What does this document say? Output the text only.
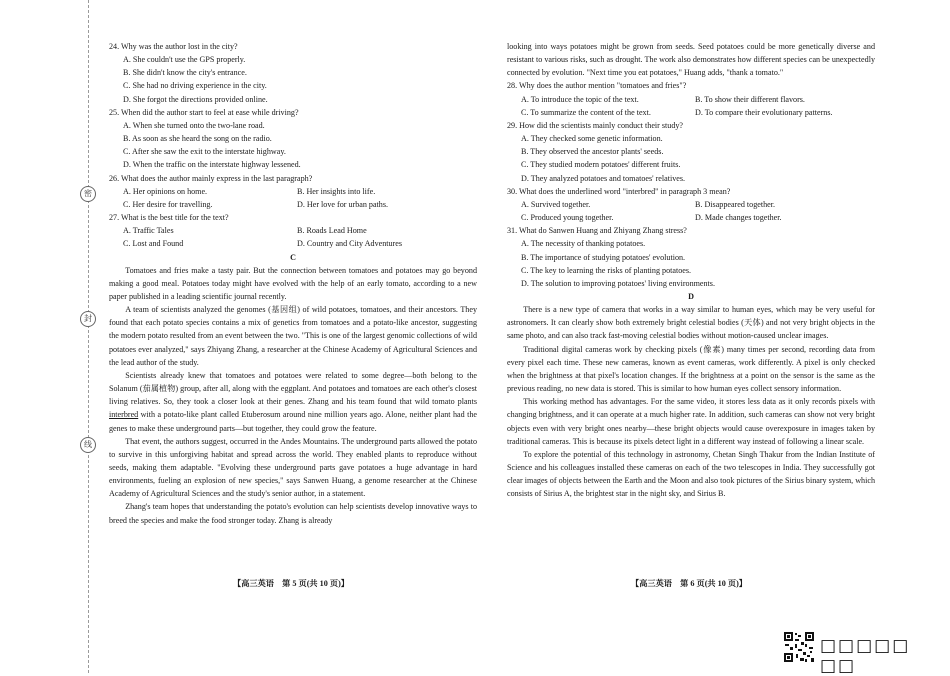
密
封
线

24. Why was the author lost in the city?

A. She couldn't use the GPS properly.

B. She didn't know the city's entrance.

C. She had no driving experience in the city.

D. She forgot the directions provided online.

25. When did the author start to feel at ease while driving?

A. When she turned onto the two-lane road.

B. As soon as she heard the song on the radio.

C. After she saw the exit to the interstate highway.

D. When the traffic on the interstate highway lessened.

26. What does the author mainly express in the last paragraph?

A. Her opinions on home.	B. Her insights into life.
C. Her desire for travelling.	D. Her love for urban paths.

27. What is the best title for the text?

A. Traffic Tales	B. Roads Lead Home
C. Lost and Found	D. Country and City Adventures

C

Tomatoes and fries make a tasty pair. But the connection between tomatoes and potatoes may go beyond making a good meal. Potatoes today might have evolved with the help of an early tomato, according to a new paper published in a leading scientific journal recently.

A team of scientists analyzed the genomes (基因组) of wild potatoes, tomatoes, and their ancestors. They found that each potato species contains a mix of genetics from tomatoes and a potato-like ancestor, suggesting the modern potato resulted from an event between the two. "This is one of the largest genomic collections of wild potatoes ever analyzed," says Zhiyang Zhang, a researcher at the Chinese Academy of Agricultural Sciences and the lead author of the study.

Scientists already knew that tomatoes and potatoes were related to some degree—both belong to the Solanum (茄属植物) group, after all, along with the eggplant. And potatoes and tomatoes are each other's closest living relatives. So, they took a closer look at their genes. Zhang and his team found that wild tomato plants interbred with a potato-like plant called Etuberosum around nine million years ago. Alone, neither plant had the genes to make these underground parts—but together, they could grow the feature.

That event, the authors suggest, occurred in the Andes Mountains. The underground parts allowed the potato to survive in this unforgiving habitat and spread across the world. They enabled plants to reproduce without seeds, making them adaptable. "Evolving these underground parts gave potatoes a huge advantage in hard environments, fueling an explosion of new species," says Sanwen Huang, a genome researcher at the Chinese Academy of Agricultural Sciences and the study's senior author, in a statement.

Zhang's team hopes that understanding the potato's evolution can help scientists develop innovative ways to breed the species and make the food stronger today. Zhang is already

【高三英语　第 5 页(共 10 页)】

looking into ways potatoes might be grown from seeds. Seed potatoes could be more genetically diverse and resistant to various risks, such as drought. The work also demonstrates how different species can be unexpectedly connected by evolution. "Next time you eat potatoes," Huang adds, "thank a tomato."

28. Why does the author mention "tomatoes and fries"?

A. To introduce the topic of the text.	B. To show their different flavors.
C. To summarize the content of the text.	D. To compare their evolutionary patterns.

29. How did the scientists mainly conduct their study?

A. They checked some genetic information.

B. They observed the ancestor plants' seeds.

C. They studied modern potatoes' different fruits.

D. They analyzed potatoes and tomatoes' relatives.

30. What does the underlined word "interbred" in paragraph 3 mean?

A. Survived together.	B. Disappeared together.
C. Produced young together.	D. Made changes together.

31. What do Sanwen Huang and Zhiyang Zhang stress?

A. The necessity of thanking potatoes.

B. The importance of studying potatoes' evolution.

C. The key to learning the risks of planting potatoes.

D. The solution to improving potatoes' living environments.

D

There is a new type of camera that works in a way similar to human eyes, which may be very useful for astronomers. It can clearly show both extremely bright celestial bodies (天体) and not very bright objects in the same photo, and can also track fast-moving celestial bodies without motion-caused unclear images.

Traditional digital cameras work by checking pixels (像素) many times per second, recording data from every pixel each time. These new cameras, known as event cameras, work differently. A pixel is only checked when the brightness at that pixel's location changes. If the brightness at a point on the sensor is the same as the previous reading, no new data is stored. This is similar to how human eyes collect sensory information.

This working method has advantages. For the same video, it stores less data as it only records pixels with changing brightness, and it can operate at a much higher rate. In addition, such cameras can show not very bright objects even with very bright ones nearby—these bright objects would cause overexposure in images taken by traditional cameras. This is because its pixels detect light in a different way instead of following a linear scale.

To explore the potential of this technology in astronomy, Chetan Singh Thakur from the Indian Institute of Science and his colleagues installed these cameras on each of the two telescopes in India. They successfully got clear images of objects between the Earth and the Moon and also took pictures of the Sirius binary system, which consists of Sirius A, the brightest star in the night sky, and Sirius B.

【高三英语　第 6 页(共 10 页)】
□□□□□ □□
